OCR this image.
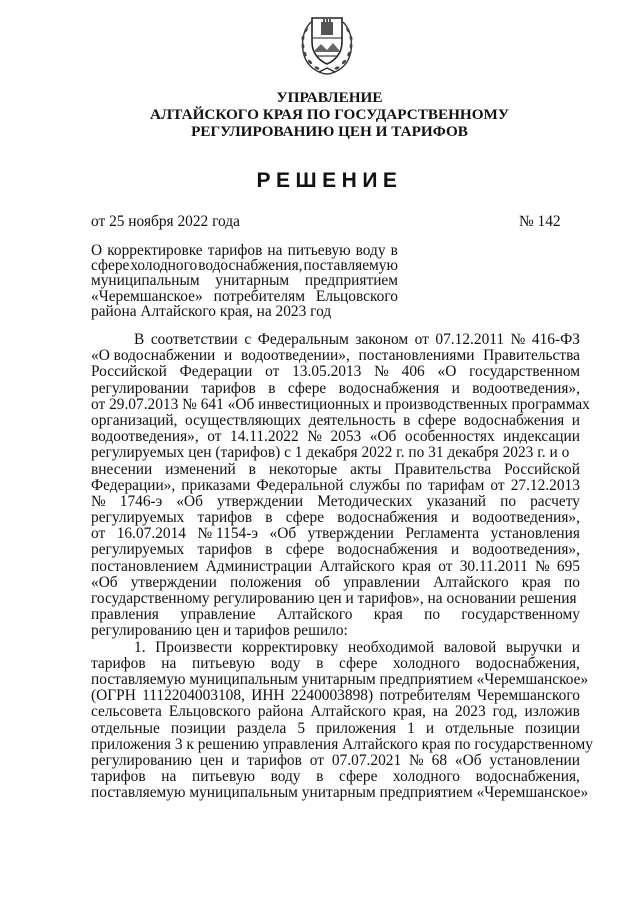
УПРАВЛЕНИЕ
АЛТАЙСКОГО КРАЯ ПО ГОСУДАРСТВЕННОМУ
РЕГУЛИРОВАНИЮ ЦЕН И ТАРИФОВ
РЕШЕНИЕ
от 25 ноября 2022 года	№ 142
О корректировке тарифов на питьевую воду в
сфере холодного водоснабжения, поставляемую
муниципальным унитарным предприятием
«Черемшанское» потребителям Ельцовского
района Алтайского края, на 2023 год
В соответствии с Федеральным законом от 07.12.2011 № 416-ФЗ
«О водоснабжении и водоотведении», постановлениями Правительства
Российской Федерации от 13.05.2013 № 406 «О государственном
регулировании тарифов в сфере водоснабжения и водоотведения»,
от 29.07.2013 № 641 «Об инвестиционных и производственных программах
организаций, осуществляющих деятельность в сфере водоснабжения и
водоотведения», от 14.11.2022 № 2053 «Об особенностях индексации
регулируемых цен (тарифов) с 1 декабря 2022 г. по 31 декабря 2023 г. и о
внесении изменений в некоторые акты Правительства Российской
Федерации», приказами Федеральной службы по тарифам от 27.12.2013
№ 1746-э «Об утверждении Методических указаний по расчету
регулируемых тарифов в сфере водоснабжения и водоотведения»,
от 16.07.2014 № 1154-э «Об утверждении Регламента установления
регулируемых тарифов в сфере водоснабжения и водоотведения»,
постановлением Администрации Алтайского края от 30.11.2011 № 695
«Об утверждении положения об управлении Алтайского края по
государственному регулированию цен и тарифов», на основании решения
правления управление Алтайского края по государственному
регулированию цен и тарифов решило:
1. Произвести корректировку необходимой валовой выручки и
тарифов на питьевую воду в сфере холодного водоснабжения,
поставляемую муниципальным унитарным предприятием «Черемшанское»
(ОГРН 1112204003108, ИНН 2240003898) потребителям Черемшанского
сельсовета Ельцовского района Алтайского края, на 2023 год, изложив
отдельные позиции раздела 5 приложения 1 и отдельные позиции
приложения 3 к решению управления Алтайского края по государственному
регулированию цен и тарифов от 07.07.2021 № 68 «Об установлении
тарифов на питьевую воду в сфере холодного водоснабжения,
поставляемую муниципальным унитарным предприятием «Черемшанское»
